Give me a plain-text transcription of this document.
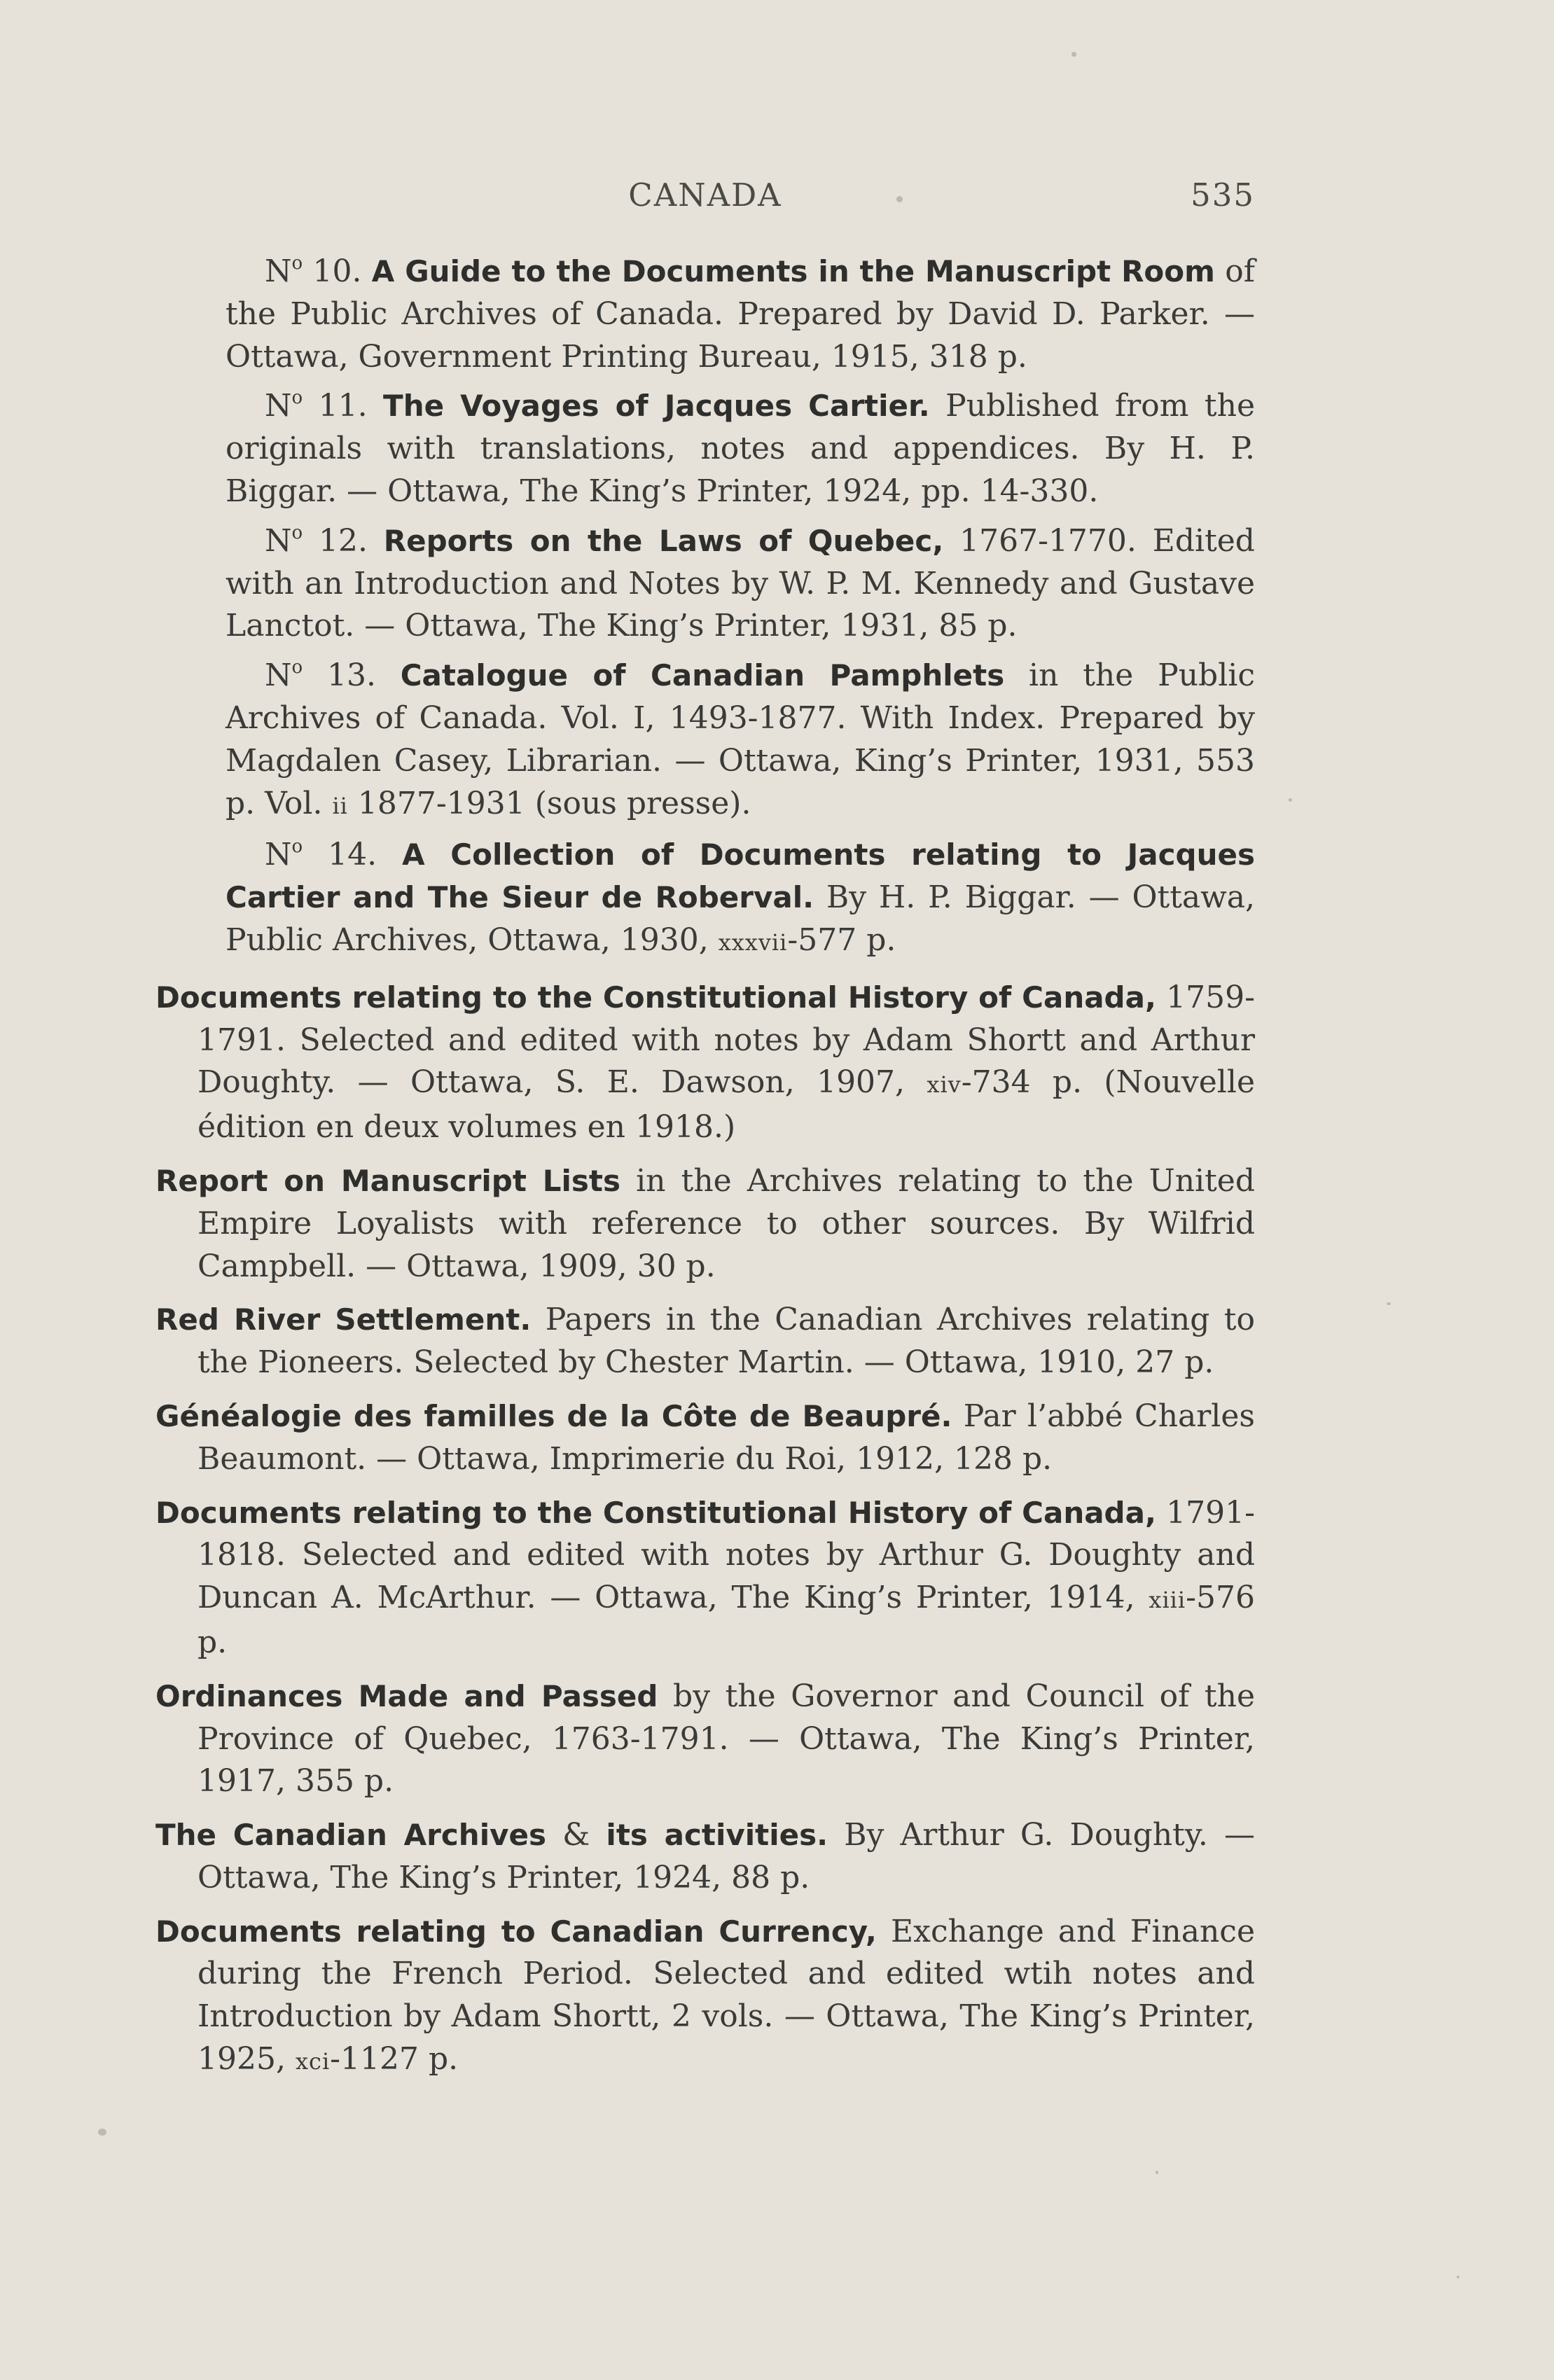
CANADA	535

$N^o$ 10. A Guide to the Documents in the Manuscript Room of the Public Archives of Canada. Prepared by David D. Parker. — Ottawa, Government Printing Bureau, 1915, 318 p.

$N^o$ 11. The Voyages of Jacques Cartier. Published from the originals with translations, notes and appendices. By H. P. Biggar. — Ottawa, The King’s Printer, 1924, pp. 14-330.

$N^o$ 12. Reports on the Laws of Quebec, 1767-1770. Edited with an Introduction and Notes by W. P. M. Kennedy and Gustave Lanctot. — Ottawa, The King’s Printer, 1931, 85 p.

$N^o$ 13. Catalogue of Canadian Pamphlets in the Public Archives of Canada. Vol. I, 1493-1877. With Index. Prepared by Magdalen Casey, Librarian. — Ottawa, King’s Printer, 1931, 553 p. Vol. ii 1877-1931 (sous presse).

$N^o$ 14. A Collection of Documents relating to Jacques Cartier and The Sieur de Roberval. By H. P. Biggar. — Ottawa, Public Archives, Ottawa, 1930, xxxvii-577 p.

Documents relating to the Constitutional History of Canada, 1759-1791. Selected and edited with notes by Adam Shortt and Arthur Doughty. — Ottawa, S. E. Dawson, 1907, xiv-734 p. (Nouvelle édition en deux volumes en 1918.)

Report on Manuscript Lists in the Archives relating to the United Empire Loyalists with reference to other sources. By Wilfrid Campbell. — Ottawa, 1909, 30 p.

Red River Settlement. Papers in the Canadian Archives relating to the Pioneers. Selected by Chester Martin. — Ottawa, 1910, 27 p.

Généalogie des familles de la Côte de Beaupré. Par l’abbé Charles Beaumont. — Ottawa, Imprimerie du Roi, 1912, 128 p.

Documents relating to the Constitutional History of Canada, 1791-1818. Selected and edited with notes by Arthur G. Doughty and Duncan A. McArthur. — Ottawa, The King’s Printer, 1914, xiii-576 p.

Ordinances Made and Passed by the Governor and Council of the Province of Quebec, 1763-1791. — Ottawa, The King’s Printer, 1917, 355 p.

The Canadian Archives & its activities. By Arthur G. Doughty. — Ottawa, The King’s Printer, 1924, 88 p.

Documents relating to Canadian Currency, Exchange and Finance during the French Period. Selected and edited wtih notes and Introduction by Adam Shortt, 2 vols. — Ottawa, The King’s Printer, 1925, xci-1127 p.
